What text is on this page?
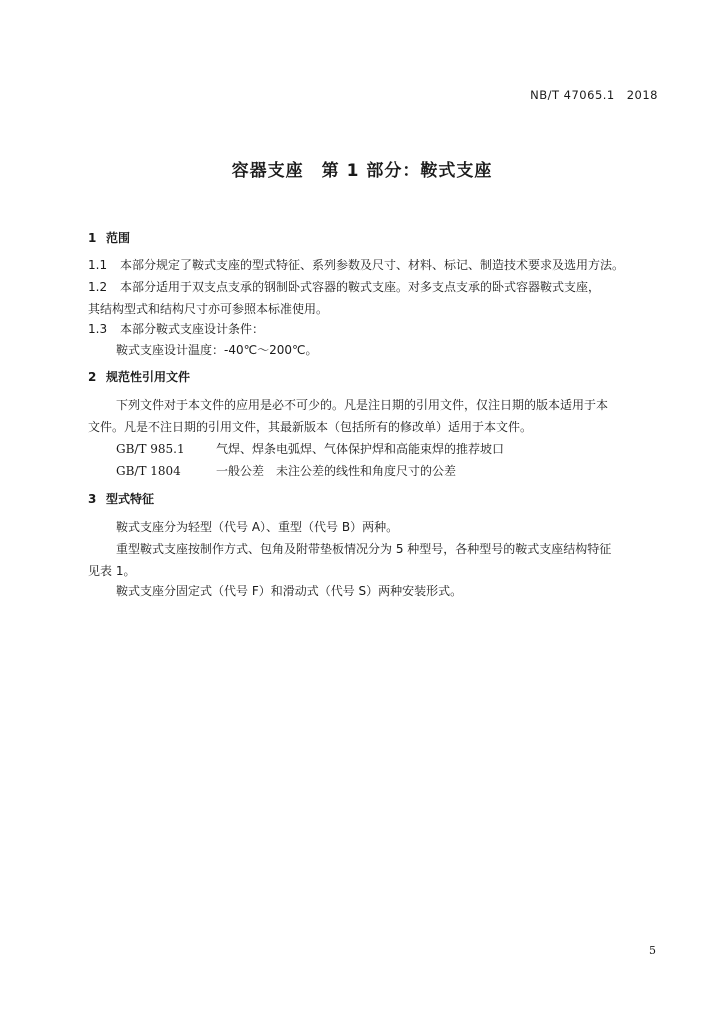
NB/T 47065.1 2018
容器支座　第 1 部分：鞍式支座
1 范围
1.1 本部分规定了鞍式支座的型式特征、系列参数及尺寸、材料、标记、制造技术要求及选用方法。
1.2 本部分适用于双支点支承的钢制卧式容器的鞍式支座。对多支点支承的卧式容器鞍式支座，
其结构型式和结构尺寸亦可参照本标准使用。
1.3 本部分鞍式支座设计条件：
鞍式支座设计温度：-40℃～200℃。
2 规范性引用文件
下列文件对于本文件的应用是必不可少的。凡是注日期的引用文件，仅注日期的版本适用于本
文件。凡是不注日期的引用文件，其最新版本（包括所有的修改单）适用于本文件。
GB/T 985.1	气焊、焊条电弧焊、气体保护焊和高能束焊的推荐坡口
GB/T 1804	一般公差　未注公差的线性和角度尺寸的公差
3 型式特征
鞍式支座分为轻型（代号 A）、重型（代号 B）两种。
重型鞍式支座按制作方式、包角及附带垫板情况分为 5 种型号，各种型号的鞍式支座结构特征
见表 1。
鞍式支座分固定式（代号 F）和滑动式（代号 S）两种安装形式。
5
